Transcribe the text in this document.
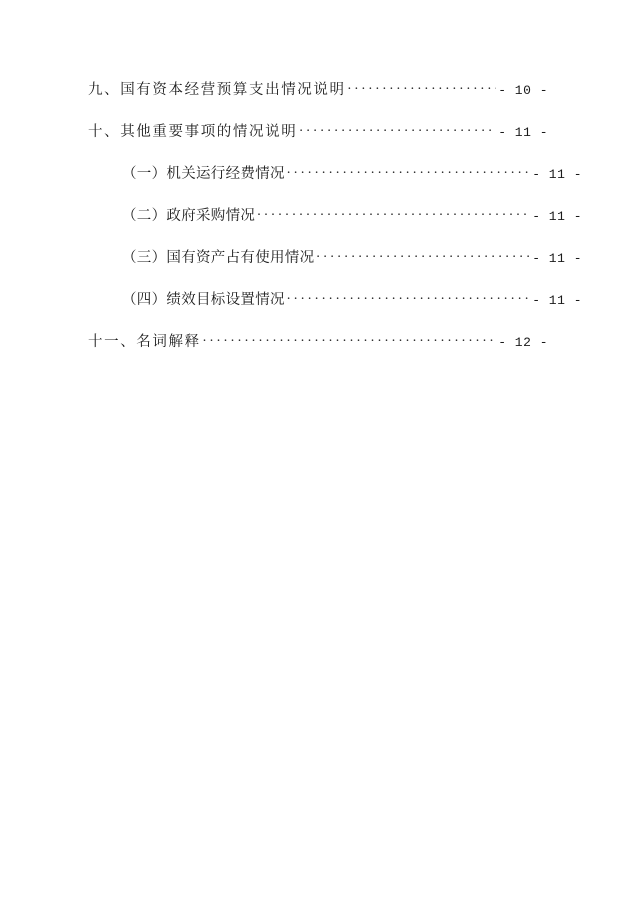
九、国有资本经营预算支出情况说明 . . .	- 10 -
十、其他重要事项的情况说明 . . .	- 11 -
（一）机关运行经费情况 . . .	- 11 -
（二）政府采购情况 . . .	- 11 -
（三）国有资产占有使用情况 . . .	- 11 -
（四）绩效目标设置情况 . . .	- 11 -
十一、名词解释 . . .	- 12 -
